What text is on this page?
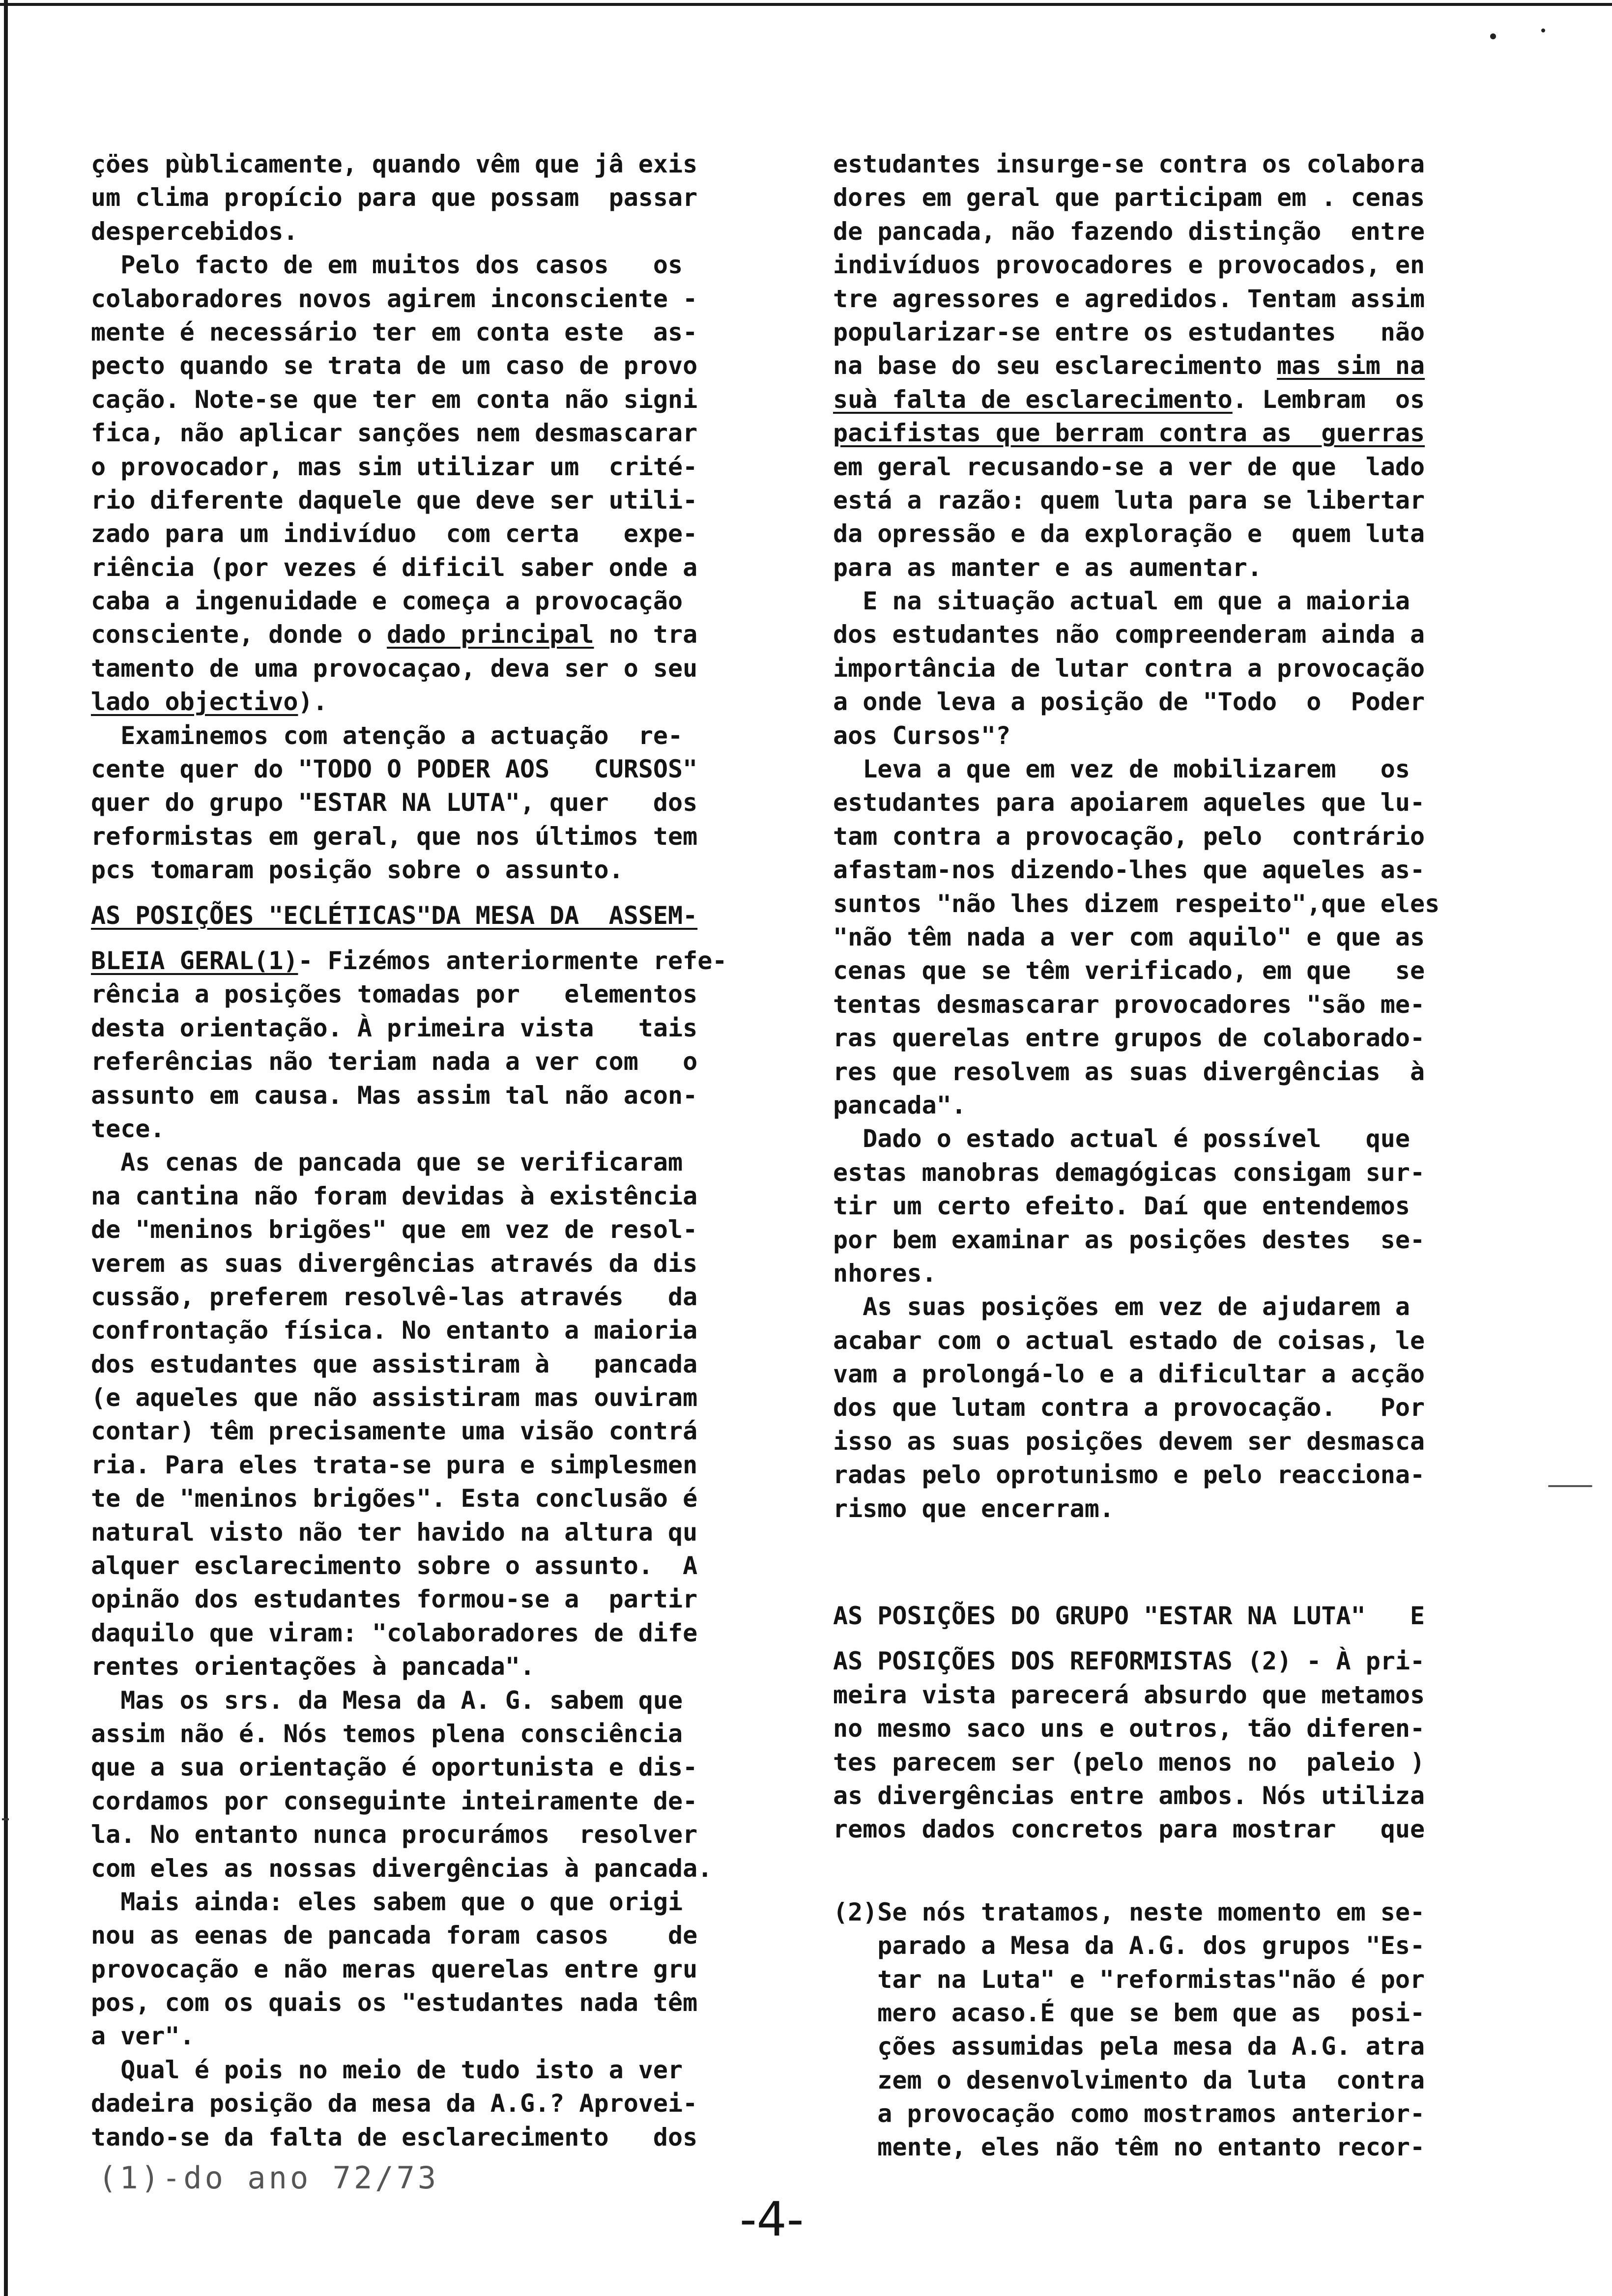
çöes pùblicamente, quando vêm que jâ exis
um clima propício para que possam  passar
despercebidos.
Pelo facto de em muitos dos casos   os
colaboradores novos agirem inconsciente -
mente é necessário ter em conta este  as-
pecto quando se trata de um caso de provo
cação. Note-se que ter em conta não signi
fica, não aplicar sanções nem desmascarar
o provocador, mas sim utilizar um  crité-
rio diferente daquele que deve ser utili-
zado para um indivíduo  com certa   expe-
riência (por vezes é dificil saber onde a
caba a ingenuidade e começa a provocação
consciente, donde o dado principal no tra
tamento de uma provocaçao, deva ser o seu
lado objectivo).
Examinemos com atenção a actuação  re-
cente quer do "TODO O PODER AOS   CURSOS"
quer do grupo "ESTAR NA LUTA", quer   dos
reformistas em geral, que nos últimos tem
pcs tomaram posição sobre o assunto.
AS POSIÇÕES "ECLÉTICAS"DA MESA DA  ASSEM-
BLEIA GERAL(1)- Fizémos anteriormente refe-
rência a posições tomadas por   elementos
desta orientação. À primeira vista   tais
referências não teriam nada a ver com   o
assunto em causa. Mas assim tal não acon-
tece.
As cenas de pancada que se verificaram
na cantina não foram devidas à existência
de "meninos brigões" que em vez de resol-
verem as suas divergências através da dis
cussão, preferem resolvê-las através   da
confrontação física. No entanto a maioria
dos estudantes que assistiram à   pancada
(e aqueles que não assistiram mas ouviram
contar) têm precisamente uma visão contrá
ria. Para eles trata-se pura e simplesmen
te de "meninos brigões". Esta conclusão é
natural visto não ter havido na altura qu
alquer esclarecimento sobre o assunto.  A
opinão dos estudantes formou-se a  partir
daquilo que viram: "colaboradores de dife
rentes orientações à pancada".
Mas os srs. da Mesa da A. G. sabem que
assim não é. Nós temos plena consciência
que a sua orientação é oportunista e dis-
cordamos por conseguinte inteiramente de-
la. No entanto nunca procurámos  resolver
com eles as nossas divergências à pancada.
Mais ainda: eles sabem que o que origi
nou as eenas de pancada foram casos    de
provocação e não meras querelas entre gru
pos, com os quais os "estudantes nada têm
a ver".
Qual é pois no meio de tudo isto a ver
dadeira posição da mesa da A.G.? Aprovei-
tando-se da falta de esclarecimento   dos
estudantes insurge-se contra os colabora
dores em geral que participam em . cenas
de pancada, não fazendo distinção  entre
indivíduos provocadores e provocados, en
tre agressores e agredidos. Tentam assim
popularizar-se entre os estudantes   não
na base do seu esclarecimento mas sim na
suà falta de esclarecimento. Lembram  os
pacifistas que berram contra as  guerras
em geral recusando-se a ver de que  lado
está a razão: quem luta para se libertar
da opressão e da exploração e  quem luta
para as manter e as aumentar.
E na situação actual em que a maioria
dos estudantes não compreenderam ainda a
importância de lutar contra a provocação
a onde leva a posição de "Todo  o  Poder
aos Cursos"?
Leva a que em vez de mobilizarem   os
estudantes para apoiarem aqueles que lu-
tam contra a provocação, pelo  contrário
afastam-nos dizendo-lhes que aqueles as-
suntos "não lhes dizem respeito",que eles
"não têm nada a ver com aquilo" e que as
cenas que se têm verificado, em que   se
tentas desmascarar provocadores "são me-
ras querelas entre grupos de colaborado-
res que resolvem as suas divergências  à
pancada".
Dado o estado actual é possível   que
estas manobras demagógicas consigam sur-
tir um certo efeito. Daí que entendemos
por bem examinar as posições destes  se-
nhores.
As suas posições em vez de ajudarem a
acabar com o actual estado de coisas, le
vam a prolongá-lo e a dificultar a acção
dos que lutam contra a provocação.   Por
isso as suas posições devem ser desmasca
radas pelo oprotunismo e pelo reacciona-
rismo que encerram.
AS POSIÇÕES DO GRUPO "ESTAR NA LUTA"   E
AS POSIÇÕES DOS REFORMISTAS (2) - À pri-
meira vista parecerá absurdo que metamos
no mesmo saco uns e outros, tão diferen-
tes parecem ser (pelo menos no  paleio )
as divergências entre ambos. Nós utiliza
remos dados concretos para mostrar   que
(2)Se nós tratamos, neste momento em se-
parado a Mesa da A.G. dos grupos "Es-
tar na Luta" e "reformistas"não é por
mero acaso.É que se bem que as  posi-
ções assumidas pela mesa da A.G. atra
zem o desenvolvimento da luta  contra
a provocação como mostramos anterior-
mente, eles não têm no entanto recor-
(1)-do ano 72/73
-4-
